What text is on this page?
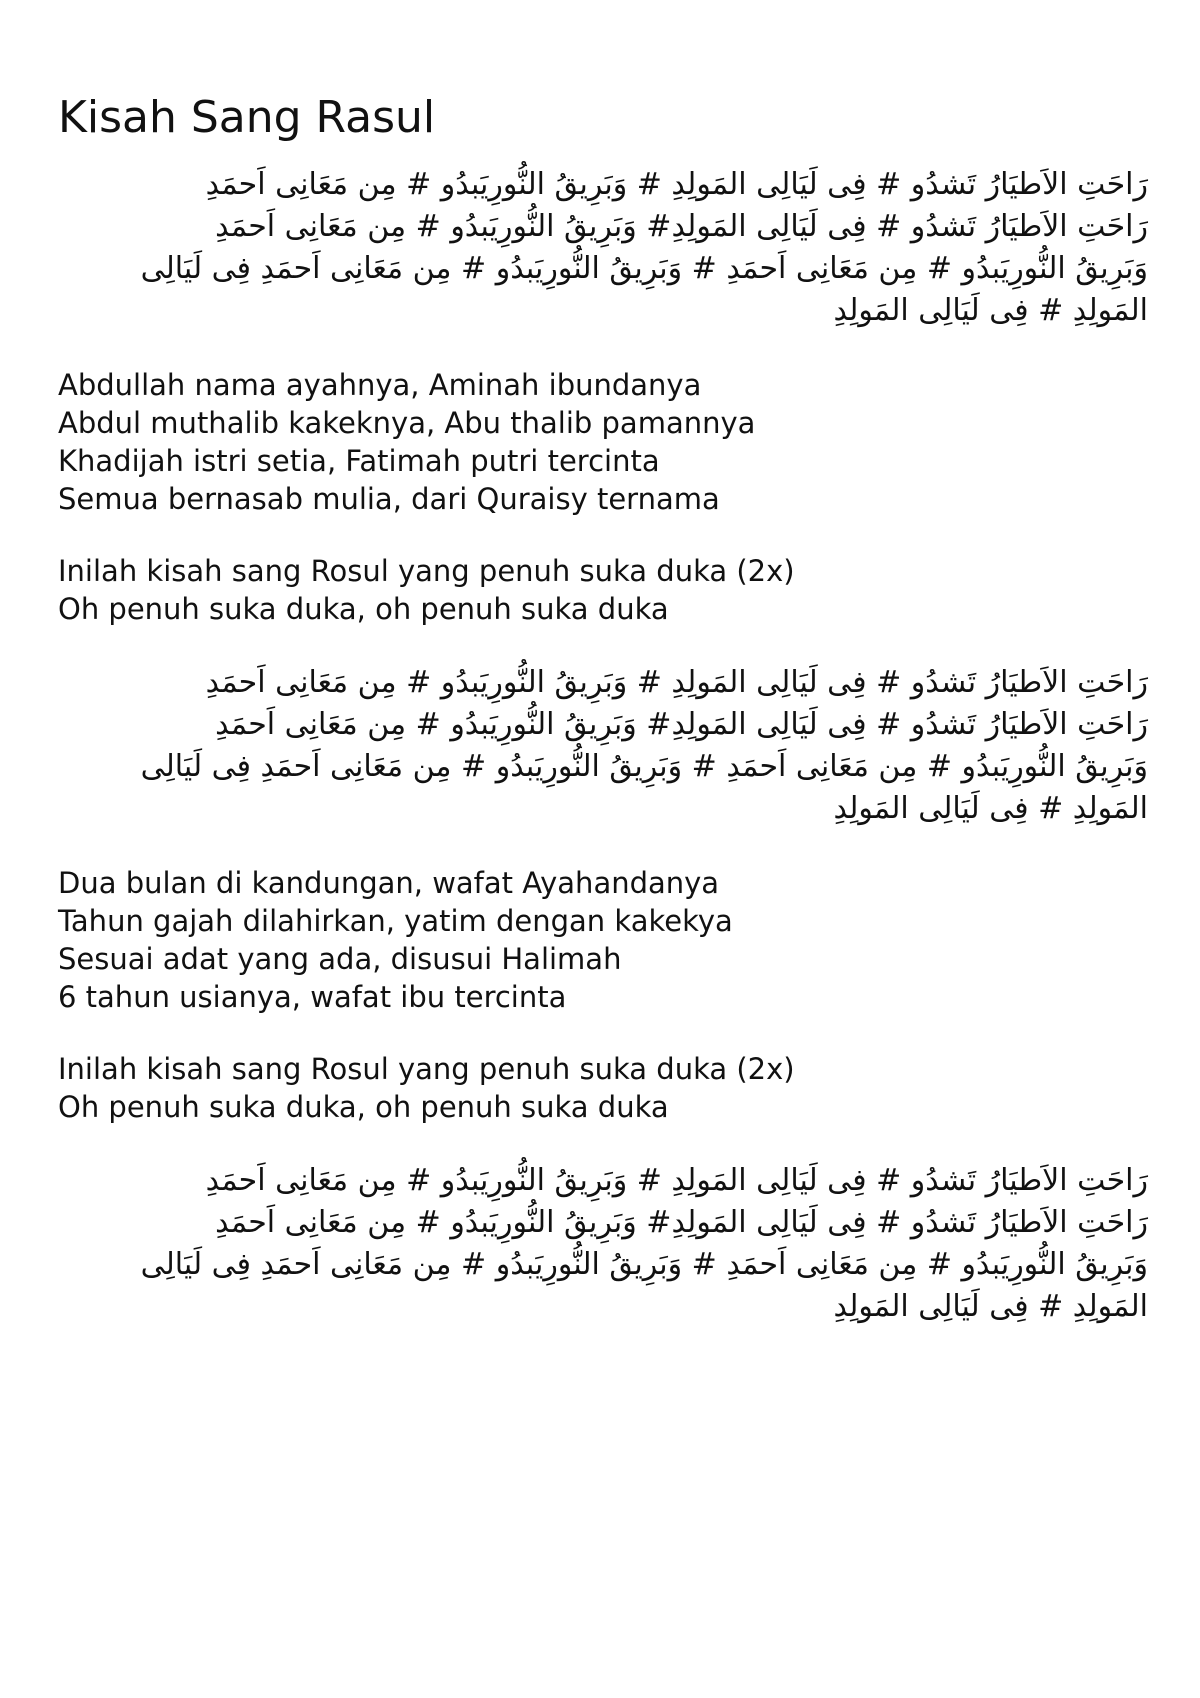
Kisah Sang Rasul
رَاحَتِ الاَطيَارُ تَشدُو # فِى لَيَالِى المَولِدِ # وَبَرِيقُ النُّورِيَبدُو # مِن مَعَانِى اَحمَدِ
رَاحَتِ الاَطيَارُ تَشدُو # فِى لَيَالِى المَولِدِ# وَبَرِيقُ النُّورِيَبدُو # مِن مَعَانِى اَحمَدِ
وَبَرِيقُ النُّورِيَبدُو # مِن مَعَانِى اَحمَدِ # وَبَرِيقُ النُّورِيَبدُو # مِن مَعَانِى اَحمَدِ فِى لَيَالِى المَولِدِ # فِى لَيَالِى المَولِدِ
Abdullah nama ayahnya, Aminah ibundanya
Abdul muthalib kakeknya, Abu thalib pamannya
Khadijah istri setia, Fatimah putri tercinta
Semua bernasab mulia, dari Quraisy ternama
Inilah kisah sang Rosul yang penuh suka duka (2x)
Oh penuh suka duka, oh penuh suka duka
رَاحَتِ الاَطيَارُ تَشدُو # فِى لَيَالِى المَولِدِ # وَبَرِيقُ النُّورِيَبدُو # مِن مَعَانِى اَحمَدِ
رَاحَتِ الاَطيَارُ تَشدُو # فِى لَيَالِى المَولِدِ# وَبَرِيقُ النُّورِيَبدُو # مِن مَعَانِى اَحمَدِ
وَبَرِيقُ النُّورِيَبدُو # مِن مَعَانِى اَحمَدِ # وَبَرِيقُ النُّورِيَبدُو # مِن مَعَانِى اَحمَدِ فِى لَيَالِى المَولِدِ # فِى لَيَالِى المَولِدِ
Dua bulan di kandungan, wafat Ayahandanya
Tahun gajah dilahirkan, yatim dengan kakekya
Sesuai adat yang ada, disusui Halimah
6 tahun usianya, wafat ibu tercinta
Inilah kisah sang Rosul yang penuh suka duka (2x)
Oh penuh suka duka, oh penuh suka duka
رَاحَتِ الاَطيَارُ تَشدُو # فِى لَيَالِى المَولِدِ # وَبَرِيقُ النُّورِيَبدُو # مِن مَعَانِى اَحمَدِ
رَاحَتِ الاَطيَارُ تَشدُو # فِى لَيَالِى المَولِدِ# وَبَرِيقُ النُّورِيَبدُو # مِن مَعَانِى اَحمَدِ
وَبَرِيقُ النُّورِيَبدُو # مِن مَعَانِى اَحمَدِ # وَبَرِيقُ النُّورِيَبدُو # مِن مَعَانِى اَحمَدِ فِى لَيَالِى المَولِدِ # فِى لَيَالِى المَولِدِ
